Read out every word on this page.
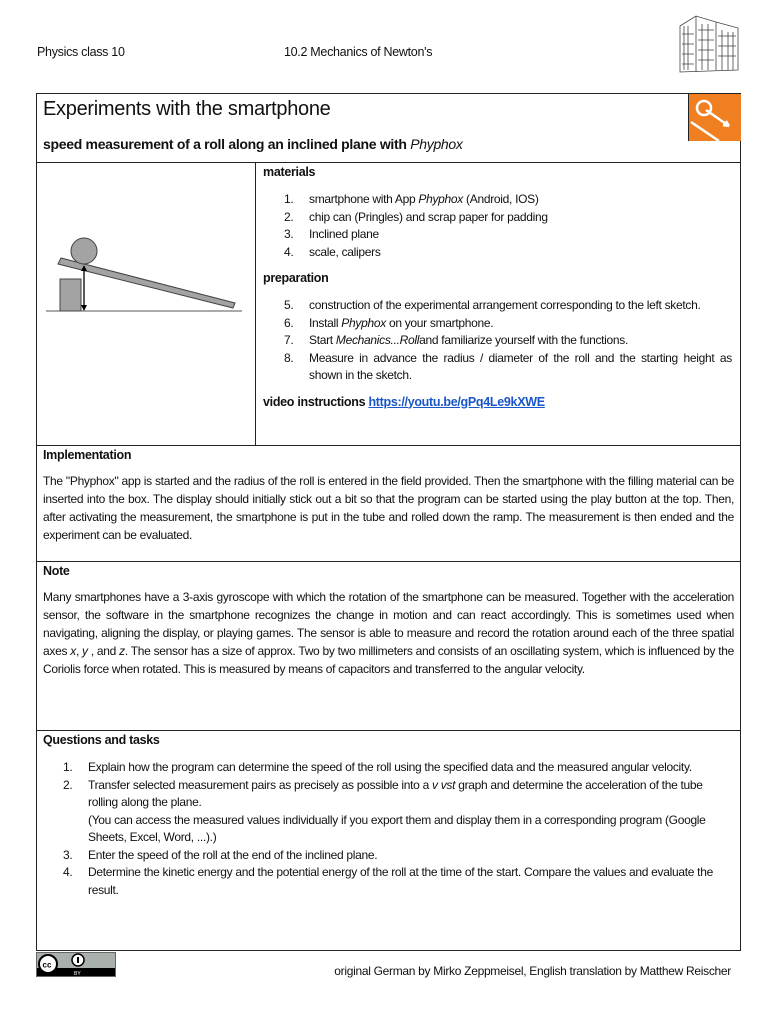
Physics class 10	10.2 Mechanics of Newton's
Experiments with the smartphone
speed measurement of a roll along an inclined plane with Phyphox
materials
1. smartphone with App Phyphox (Android, IOS)
2. chip can (Pringles) and scrap paper for padding
3. Inclined plane
4. scale, calipers
preparation
5. construction of the experimental arrangement corresponding to the left sketch.
6. Install Phyphox on your smartphone.
7. Start Mechanics...Rolland familiarize yourself with the functions.
8. Measure in advance the radius / diameter of the roll and the starting height as shown in the sketch.
video instructions https://youtu.be/gPq4Le9kXWE
Implementation

The "Phyphox" app is started and the radius of the roll is entered in the field provided. Then the smartphone with the filling material can be inserted into the box. The display should initially stick out a bit so that the program can be started using the play button at the top. Then, after activating the measurement, the smartphone is put in the tube and rolled down the ramp. The measurement is then ended and the experiment can be evaluated.

Note

Many smartphones have a 3-axis gyroscope with which the rotation of the smartphone can be measured. Together with the acceleration sensor, the software in the smartphone recognizes the change in motion and can react accordingly. This is sometimes used when navigating, aligning the display, or playing games. The sensor is able to measure and record the rotation around each of the three spatial axes x, y , and z. The sensor has a size of approx. Two by two millimeters and consists of an oscillating system, which is influenced by the Coriolis force when rotated. This is measured by means of capacitors and transferred to the angular velocity.

Questions and tasks
1. Explain how the program can determine the speed of the roll using the specified data and the measured angular velocity.
2. Transfer selected measurement pairs as precisely as possible into a v vst graph and determine the acceleration of the tube rolling along the plane.
(You can access the measured values individually if you export them and display them in a corresponding program (Google Sheets, Excel, Word, ...).)
3. Enter the speed of the roll at the end of the inclined plane.
4. Determine the kinetic energy and the potential energy of the roll at the time of the start. Compare the values and evaluate the result.
cc
BY	original German by Mirko Zeppmeisel, English translation by Matthew Reischer
